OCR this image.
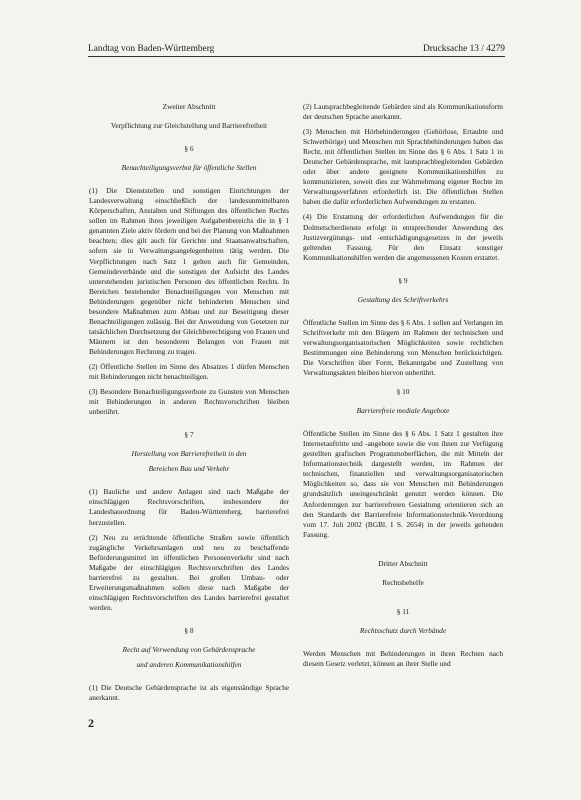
Landtag von Baden-Württemberg	Drucksache 13 / 4279

Zweiter Abschnitt

Verpflichtung zur Gleichstellung und Barrierefreiheit

§ 6

Benachteiligungsverbot für öffentliche Stellen

(1) Die Dienststellen und sonstigen Einrichtungen der Landesverwaltung einschließlich der landesunmittelbaren Körperschaften, Anstalten und Stiftungen des öffentlichen Rechts sollen im Rahmen ihres jeweiligen Aufgabenbereichs die in § 1 genannten Ziele aktiv fördern und bei der Planung von Maßnahmen beachten; dies gilt auch für Gerichte und Staatsanwaltschaften, sofern sie in Verwaltungsangelegenheiten tätig werden. Die Verpflichtungen nach Satz 1 gelten auch für Gemeinden, Gemeindeverbände und die sonstigen der Aufsicht des Landes unterstehenden juristischen Personen des öffentlichen Rechts. In Bereichen bestehender Benachteiligungen von Menschen mit Behinderungen gegenüber nicht behinderten Menschen sind besondere Maßnahmen zum Abbau und zur Beseitigung dieser Benachteiligungen zulässig. Bei der Anwendung von Gesetzen zur tatsächlichen Durchsetzung der Gleichberechtigung von Frauen und Männern ist den besonderen Belangen von Frauen mit Behinderungen Rechnung zu tragen.

(2) Öffentliche Stellen im Sinne des Absatzes 1 dürfen Menschen mit Behinderungen nicht benachteiligen.

(3) Besondere Benachteiligungsverbote zu Gunsten von Menschen mit Behinderungen in anderen Rechtsvorschriften bleiben unberührt.

§ 7

Herstellung von Barrierefreiheit in den

Bereichen Bau und Verkehr

(1) Bauliche und andere Anlagen sind nach Maßgabe der einschlägigen Rechtsvorschriften, insbesondere der Landesbauordnung für Baden-Württemberg, barrierefrei herzustellen.

(2) Neu zu errichtende öffentliche Straßen sowie öffentlich zugängliche Verkehrsanlagen und neu zu beschaffende Beförderungsmittel im öffentlichen Personenverkehr sind nach Maßgabe der einschlägigen Rechtsvorschriften des Landes barrierefrei zu gestalten. Bei großen Umbau- oder Erweiterungsmaßnahmen sollen diese nach Maßgabe der einschlägigen Rechtsvorschriften des Landes barrierefrei gestaltet werden.

§ 8

Recht auf Verwendung von Gebärdensprache

und anderen Kommunikationshilfen

(1) Die Deutsche Gebärdensprache ist als eigenständige Sprache anerkannt.

(2) Lautsprachbegleitende Gebärden sind als Kommunikationsform der deutschen Sprache anerkannt.

(3) Menschen mit Hörbehinderungen (Gehörlose, Ertaubte und Schwerhörige) und Menschen mit Sprachbehinderungen haben das Recht, mit öffentlichen Stellen im Sinne des § 6 Abs. 1 Satz 1 in Deutscher Gebärdensprache, mit lautsprachbegleitenden Gebärden oder über andere geeignete Kommunikationshilfen zu kommunizieren, soweit dies zur Wahrnehmung eigener Rechte im Verwaltungsverfahren erforderlich ist. Die öffentlichen Stellen haben die dafür erforderlichen Aufwendungen zu erstatten.

(4) Die Erstattung der erforderlichen Aufwendungen für die Dolmetscherdienste erfolgt in entsprechender Anwendung des Justizvergütungs- und -entschädigungsgesetzes in der jeweils geltenden Fassung. Für den Einsatz sonstiger Kommunikationshilfen werden die angemessenen Kosten erstattet.

§ 9

Gestaltung des Schriftverkehrs

Öffentliche Stellen im Sinne des § 6 Abs. 1 sollen auf Verlangen im Schriftverkehr mit den Bürgern im Rahmen der technischen und verwaltungsorganisatorischen Möglichkeiten sowie rechtlichen Bestimmungen eine Behinderung von Menschen berücksichtigen. Die Vorschriften über Form, Bekanntgabe und Zustellung von Verwaltungsakten bleiben hiervon unberührt.

§ 10

Barrierefreie mediale Angebote

Öffentliche Stellen im Sinne des § 6 Abs. 1 Satz 1 gestalten ihre Internetauftritte und -angebote sowie die von ihnen zur Verfügung gestellten grafischen Programmoberflächen, die mit Mitteln der Informationstechnik dargestellt werden, im Rahmen der technischen, finanziellen und verwaltungsorganisatorischen Möglichkeiten so, dass sie von Menschen mit Behinderungen grundsätzlich uneingeschränkt genutzt werden können. Die Anforderungen zur barrierefreien Gestaltung orientieren sich an den Standards der Barrierefreie Informationstechnik-Verordnung vom 17. Juli 2002 (BGBl. I S. 2654) in der jeweils geltenden Fassung.

Dritter Abschnitt

Rechtsbehelfe

§ 11

Rechtsschutz durch Verbände

Werden Menschen mit Behinderungen in ihren Rechten nach diesem Gesetz verletzt, können an ihrer Stelle und

2
